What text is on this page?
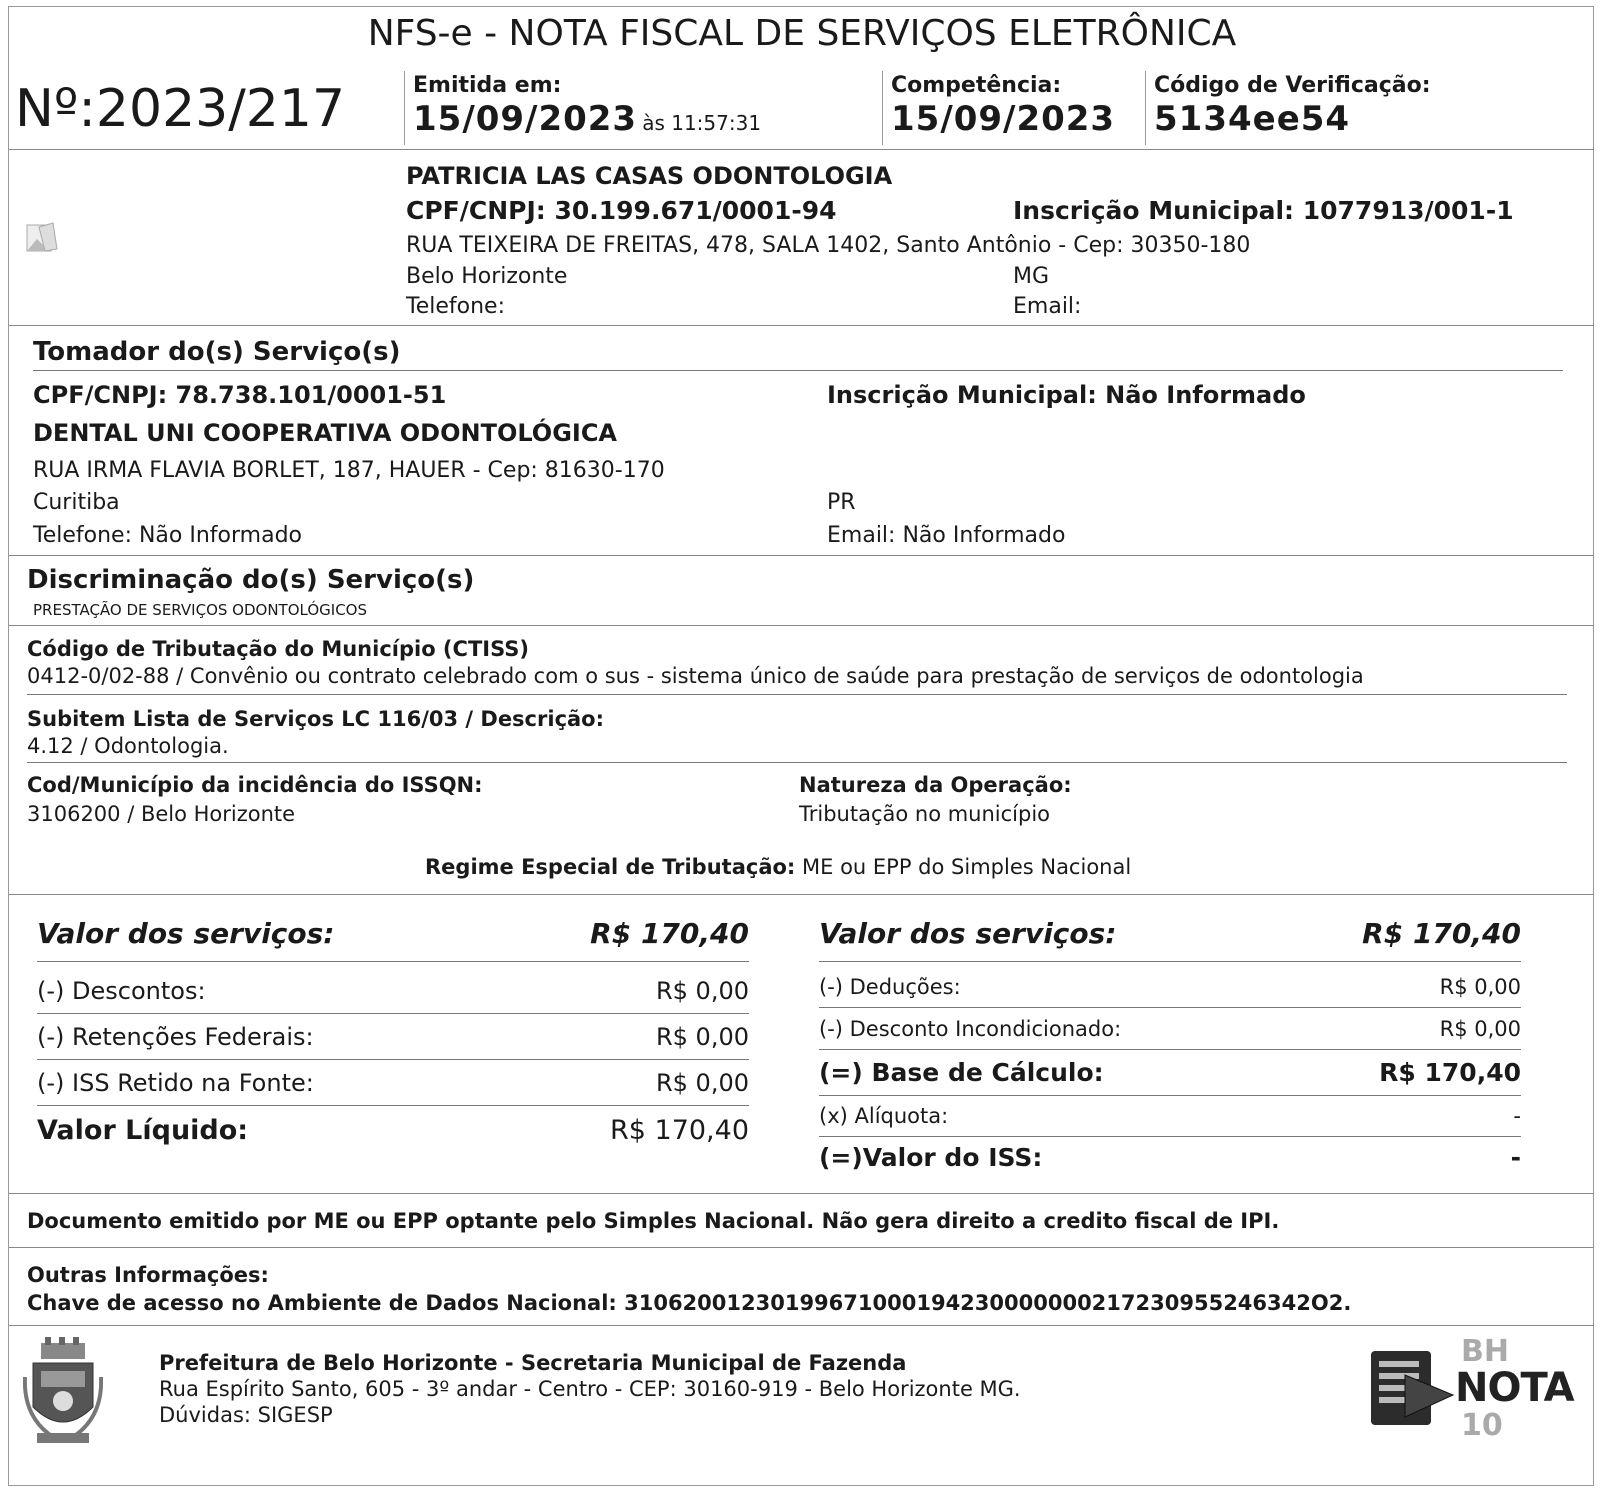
NFS-e - NOTA FISCAL DE SERVIÇOS ELETRÔNICA
Nº:2023/217	Emitida em:
15/09/2023 às 11:57:31
Competência:
15/09/2023
Código de Verificação:
5134ee54
PATRICIA LAS CASAS ODONTOLOGIA
CPF/CNPJ: 30.199.671/0001-94	Inscrição Municipal: 1077913/001-1
RUA TEIXEIRA DE FREITAS, 478, SALA 1402, Santo Antônio - Cep: 30350-180
Belo Horizonte	MG
Telefone:	Email:
Tomador do(s) Serviço(s)
CPF/CNPJ: 78.738.101/0001-51	Inscrição Municipal: Não Informado
DENTAL UNI COOPERATIVA ODONTOLÓGICA
RUA IRMA FLAVIA BORLET, 187, HAUER - Cep: 81630-170
Curitiba	PR
Telefone: Não Informado	Email: Não Informado
Discriminação do(s) Serviço(s)
PRESTAÇÃO DE SERVIÇOS ODONTOLÓGICOS
Código de Tributação do Município (CTISS)
0412-0/02-88 / Convênio ou contrato celebrado com o sus - sistema único de saúde para prestação de serviços de odontologia
Subitem Lista de Serviços LC 116/03 / Descrição:
4.12 / Odontologia.
Cod/Município da incidência do ISSQN:
3106200 / Belo Horizonte
Natureza da Operação:
Tributação no município
Regime Especial de Tributação: ME ou EPP do Simples Nacional
Valor dos serviços:	R$ 170,40
(-) Descontos:	R$ 0,00
(-) Retenções Federais:	R$ 0,00
(-) ISS Retido na Fonte:	R$ 0,00
Valor Líquido:	R$ 170,40
Valor dos serviços:	R$ 170,40
(-) Deduções:	R$ 0,00
(-) Desconto Incondicionado:	R$ 0,00
(=) Base de Cálculo:	R$ 170,40
(x) Alíquota:	-
(=)Valor do ISS:	-
Documento emitido por ME ou EPP optante pelo Simples Nacional. Não gera direito a credito fiscal de IPI.
Outras Informações:
Chave de acesso no Ambiente de Dados Nacional: 31062001230199671000194230000000217230955246342O2.
Prefeitura de Belo Horizonte - Secretaria Municipal de Fazenda
Rua Espírito Santo, 605 - 3º andar - Centro - CEP: 30160-919 - Belo Horizonte MG.
Dúvidas: SIGESP
BH
NOTA
10
